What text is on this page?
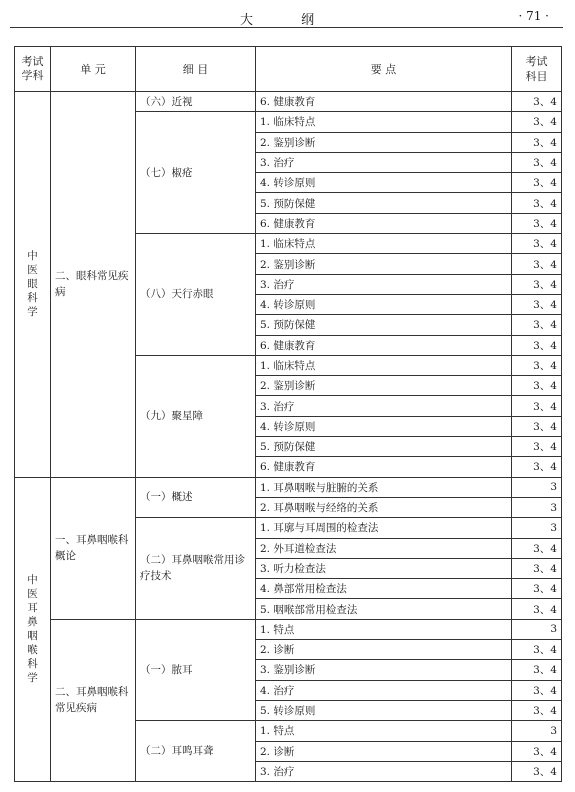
大 纲	· 71 ·
考试学科	单 元	细 目	要 点	考试科目
中医眼科学	二、眼科常见疾病	（六）近视	6. 健康教育	3、4
		（七）椒疮	1. 临床特点	3、4
			2. 鉴别诊断	3、4
			3. 治疗	3、4
			4. 转诊原则	3、4
			5. 预防保健	3、4
			6. 健康教育	3、4
		（八）天行赤眼	1. 临床特点	3、4
			2. 鉴别诊断	3、4
			3. 治疗	3、4
			4. 转诊原则	3、4
			5. 预防保健	3、4
			6. 健康教育	3、4
		（九）聚星障	1. 临床特点	3、4
			2. 鉴别诊断	3、4
			3. 治疗	3、4
			4. 转诊原则	3、4
			5. 预防保健	3、4
			6. 健康教育	3、4
中医耳鼻咽喉科学	一、耳鼻咽喉科概论	（一）概述	1. 耳鼻咽喉与脏腑的关系	3
			2. 耳鼻咽喉与经络的关系	3
		（二）耳鼻咽喉常用诊疗技术	1. 耳廓与耳周围的检查法	3
			2. 外耳道检查法	3、4
			3. 听力检查法	3、4
			4. 鼻部常用检查法	3、4
			5. 咽喉部常用检查法	3、4
	二、耳鼻咽喉科常见疾病	（一）脓耳	1. 特点	3
			2. 诊断	3、4
			3. 鉴别诊断	3、4
			4. 治疗	3、4
			5. 转诊原则	3、4
		（二）耳鸣耳聋	1. 特点	3
			2. 诊断	3、4
			3. 治疗	3、4
